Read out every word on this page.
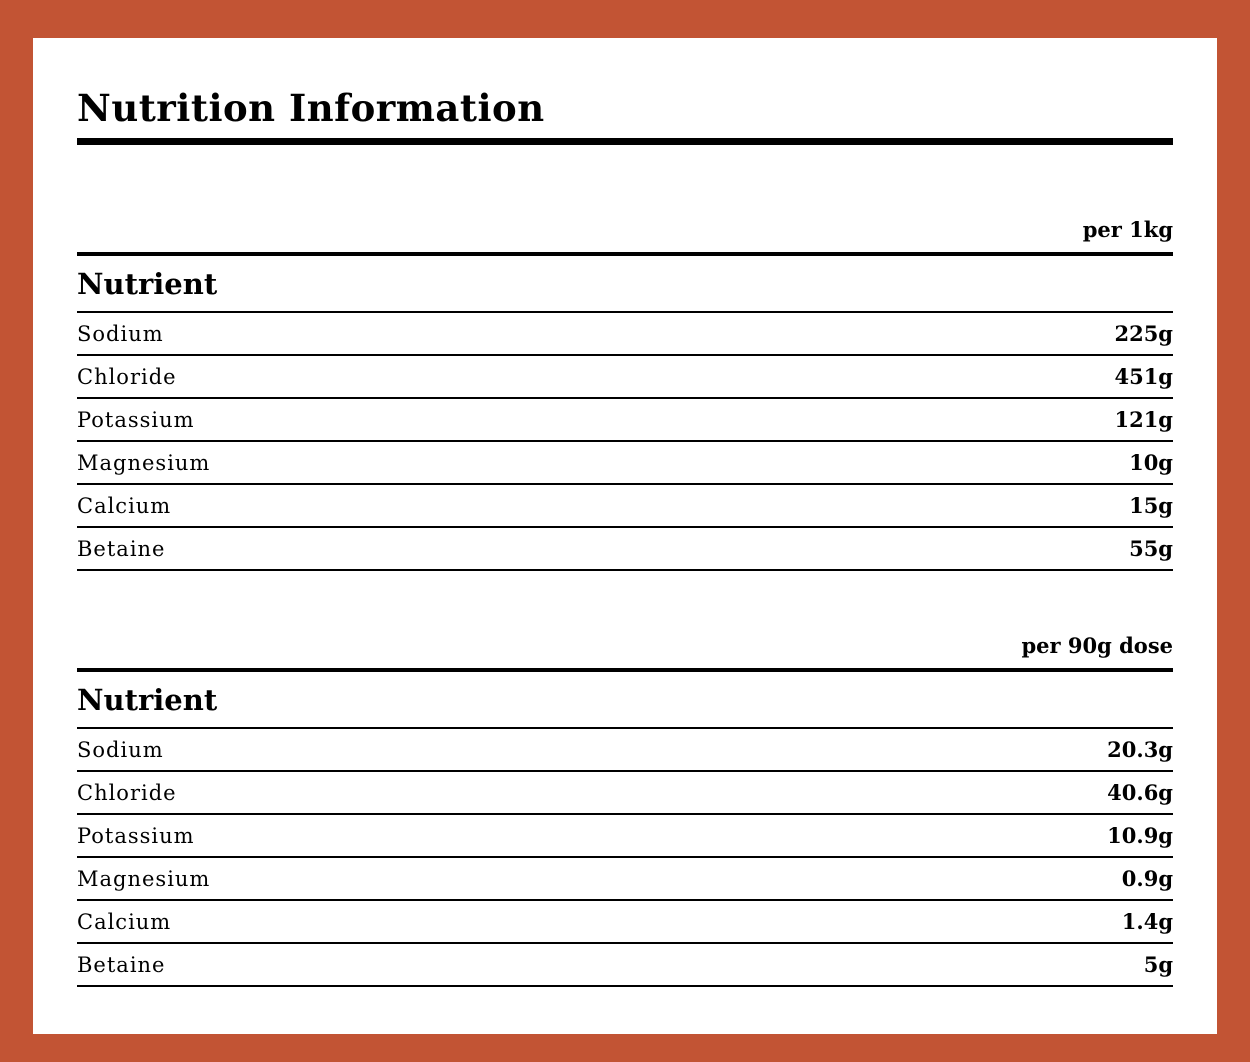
Nutrition Information
per 1kg
Nutrient
Sodium	225g
Chloride	451g
Potassium	121g
Magnesium	10g
Calcium	15g
Betaine	55g
per 90g dose
Nutrient
Sodium	20.3g
Chloride	40.6g
Potassium	10.9g
Magnesium	0.9g
Calcium	1.4g
Betaine	5g
